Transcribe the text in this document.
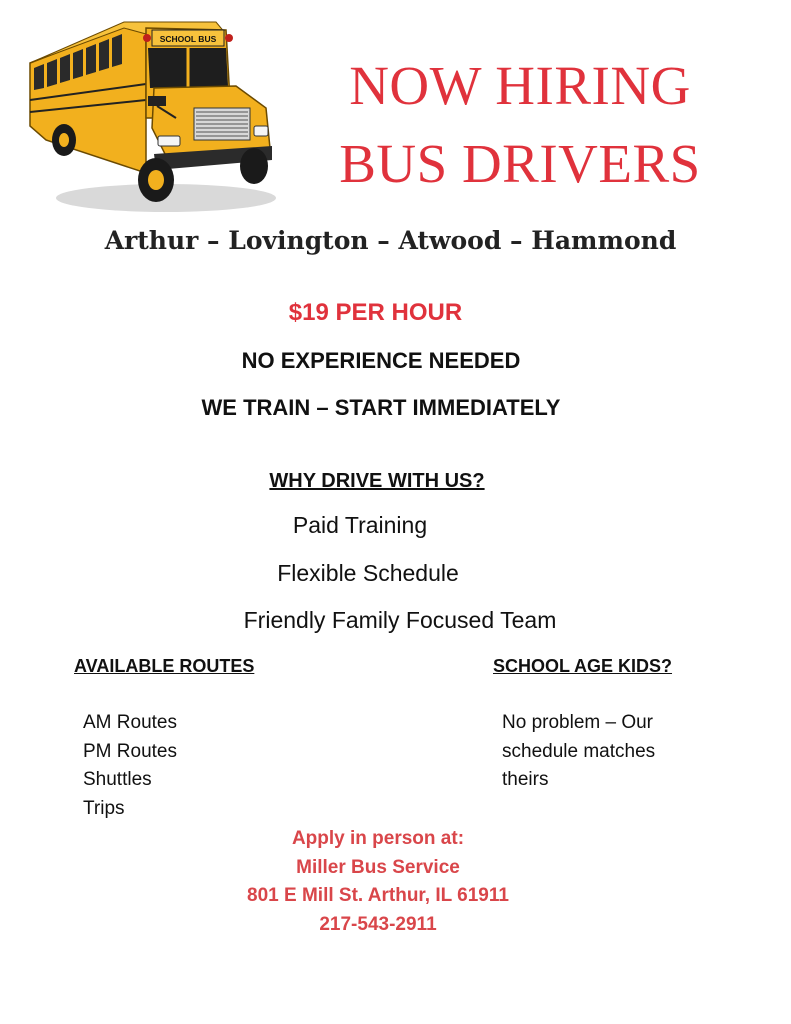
SCHOOL BUS
NOW HIRING
BUS DRIVERS
Arthur – Lovington – Atwood – Hammond
$19 PER HOUR
NO EXPERIENCE NEEDED
WE TRAIN – START IMMEDIATELY
WHY DRIVE WITH US?
Paid Training
Flexible Schedule
Friendly Family Focused Team
AVAILABLE ROUTES
AM Routes
PM Routes
Shuttles
Trips
SCHOOL AGE KIDS?
No problem – Our
schedule matches
theirs
Apply in person at:
Miller Bus Service
801 E Mill St. Arthur, IL 61911
217-543-2911
